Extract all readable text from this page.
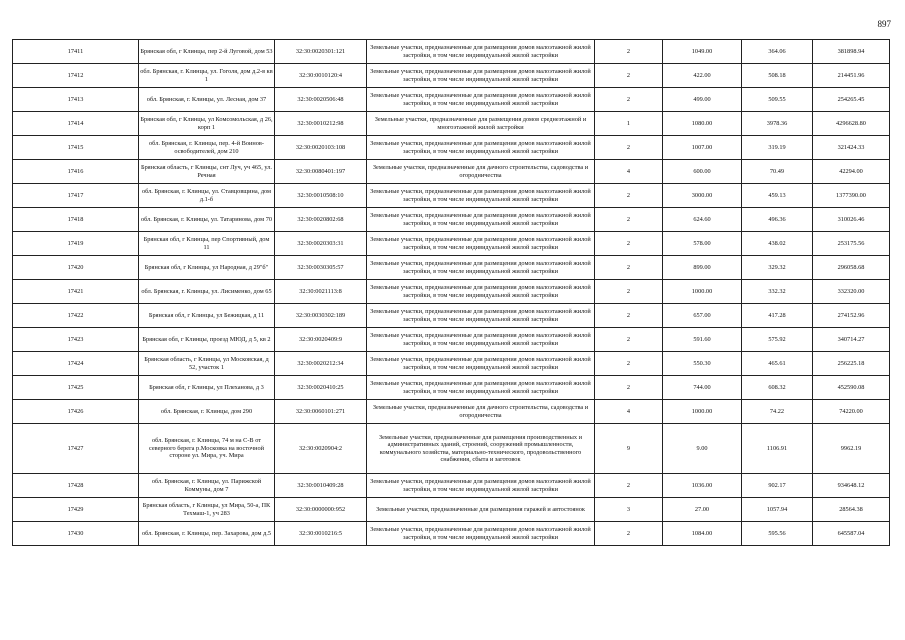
897
17411	Брянская обл, г Клинцы, пер 2-й Луговой, дом 53	32:30:0020301:121	Земельные участки, предназначенные для размещения домов малоэтажной жилой застройки, в том числе индивидуальной жилой застройки	2	1049.00	364.06	381898.94
17412	обл. Брянская, г. Клинцы, ул. Гоголя, дом д.2-в кв 1	32:30:0010120:4	Земельные участки, предназначенные для размещения домов малоэтажной жилой застройки, в том числе индивидуальной жилой застройки	2	422.00	508.18	214451.96
17413	обл. Брянская, г. Клинцы, ул. Лесная, дом 37	32:30:0020506:48	Земельные участки, предназначенные для размещения домов малоэтажной жилой застройки, в том числе индивидуальной жилой застройки	2	499.00	509.55	254265.45
17414	Брянская обл, г Клинцы, ул Комсомольская, д 26, корп 1	32:30:0010212:98	Земельные участки, предназначенные для размещения домов среднеэтажной и многоэтажной жилой застройки	1	1080.00	3978.36	4296628.80
17415	обл. Брянская, г. Клинцы, пер. 4-й Воинов-освободителей, дом 210	32:30:0020103:108	Земельные участки, предназначенные для размещения домов малоэтажной жилой застройки, в том числе индивидуальной жилой застройки	2	1007.00	319.19	321424.33
17416	Брянская область, г Клинцы, снт Луч, уч 465, ул. Речная	32:30:0080401:197	Земельные участки, предназначенные для дачного строительства, садоводства и огородничества	4	600.00	70.49	42294.00
17417	обл. Брянская, г. Клинцы, ул. Ставцовщина, дом д.1-б	32:30:0010508:10	Земельные участки, предназначенные для размещения домов малоэтажной жилой застройки, в том числе индивидуальной жилой застройки	2	3000.00	459.13	1377390.00
17418	обл. Брянская, г. Клинцы, ул. Татаринова, дом 70	32:30:0020802:68	Земельные участки, предназначенные для размещения домов малоэтажной жилой застройки, в том числе индивидуальной жилой застройки	2	624.60	496.36	310026.46
17419	Брянская обл, г Клинцы, пер Спортивный, дом 11	32:30:0020303:31	Земельные участки, предназначенные для размещения домов малоэтажной жилой застройки, в том числе индивидуальной жилой застройки	2	578.00	438.02	253175.56
17420	Брянская обл, г Клинцы, ул Народная, д 29"б"	32:30:0030305:57	Земельные участки, предназначенные для размещения домов малоэтажной жилой застройки, в том числе индивидуальной жилой застройки	2	899.00	329.32	296058.68
17421	обл. Брянская, г. Клинцы, ул. Лисименко, дом 65	32:30:0021113:8	Земельные участки, предназначенные для размещения домов малоэтажной жилой застройки, в том числе индивидуальной жилой застройки	2	1000.00	332.32	332320.00
17422	Брянская обл, г Клинцы, ул Бежицкая, д 11	32:30:0030302:189	Земельные участки, предназначенные для размещения домов малоэтажной жилой застройки, в том числе индивидуальной жилой застройки	2	657.00	417.28	274152.96
17423	Брянская обл, г Клинцы, проезд МЮД, д 5, кв 2	32:30:0020409:9	Земельные участки, предназначенные для размещения домов малоэтажной жилой застройки, в том числе индивидуальной жилой застройки	2	591.60	575.92	340714.27
17424	Брянская область, г Клинцы, ул Московская, д 52, участок 1	32:30:0020212:34	Земельные участки, предназначенные для размещения домов малоэтажной жилой застройки, в том числе индивидуальной жилой застройки	2	550.30	465.61	256225.18
17425	Брянская обл, г Клинцы, ул Плеханова, д 3	32:30:0020410:25	Земельные участки, предназначенные для размещения домов малоэтажной жилой застройки, в том числе индивидуальной жилой застройки	2	744.00	608.32	452590.08
17426	обл. Брянская, г. Клинцы, дом 290	32:30:0060101:271	Земельные участки, предназначенные для дачного строительства, садоводства и огородничества	4	1000.00	74.22	74220.00
17427	обл. Брянская, г. Клинцы, 74 м на С-В от северного берега р.Московка на восточной стороне ул. Мира, уч. Мира	32:30:0020904:2	Земельные участки, предназначенные для размещения производственных и административных зданий, строений, сооружений промышленности, коммунального хозяйства, материально-технического, продовольственного снабжения, сбыта и заготовок	9	9.00	1106.91	9962.19
17428	обл. Брянская, г. Клинцы, ул. Парижской Коммуны, дом 7	32:30:0010409:28	Земельные участки, предназначенные для размещения домов малоэтажной жилой застройки, в том числе индивидуальной жилой застройки	2	1036.00	902.17	934648.12
17429	Брянская область, г Клинцы, ул Мира, 50-а, ПК Техмаш-1, уч 283	32:30:0000000:952	Земельные участки, предназначенные для размещения гаражей и автостоянок	3	27.00	1057.94	28564.38
17430	обл. Брянская, г. Клинцы, пер. Захарова, дом д.5	32:30:0010216:5	Земельные участки, предназначенные для размещения домов малоэтажной жилой застройки, в том числе индивидуальной жилой застройки	2	1084.00	595.56	645587.04
